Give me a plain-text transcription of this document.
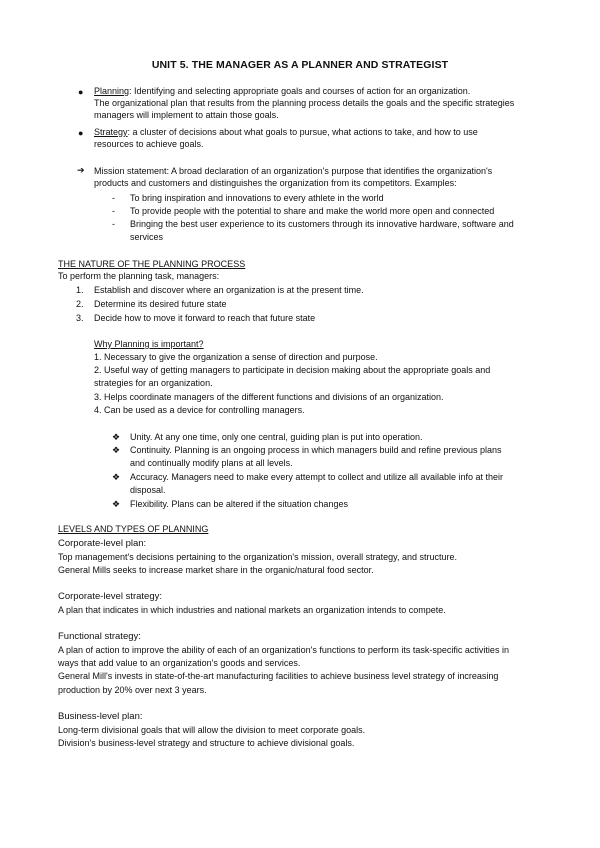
UNIT 5. THE MANAGER AS A PLANNER AND STRATEGIST
● Planning: Identifying and selecting appropriate goals and courses of action for an organization.
The organizational plan that results from the planning process details the goals and the specific strategies
managers will implement to attain those goals.
● Strategy: a cluster of decisions about what goals to pursue, what actions to take, and how to use
resources to achieve goals.
➔ Mission statement: A broad declaration of an organization's purpose that identifies the organization's
products and customers and distinguishes the organization from its competitors. Examples:
- To bring inspiration and innovations to every athlete in the world
- To provide people with the potential to share and make the world more open and connected
- Bringing the best user experience to its customers through its innovative hardware, software and
services
THE NATURE OF THE PLANNING PROCESS
To perform the planning task, managers:
1. Establish and discover where an organization is at the present time.
2. Determine its desired future state
3. Decide how to move it forward to reach that future state
Why Planning is important?
1. Necessary to give the organization a sense of direction and purpose.
2. Useful way of getting managers to participate in decision making about the appropriate goals and
strategies for an organization.
3. Helps coordinate managers of the different functions and divisions of an organization.
4. Can be used as a device for controlling managers.
❖ Unity. At any one time, only one central, guiding plan is put into operation.
❖ Continuity. Planning is an ongoing process in which managers build and refine previous plans
and continually modify plans at all levels.
❖ Accuracy. Managers need to make every attempt to collect and utilize all available info at their
disposal.
❖ Flexibility. Plans can be altered if the situation changes
LEVELS AND TYPES OF PLANNING
Corporate-level plan:
Top management's decisions pertaining to the organization's mission, overall strategy, and structure.
General Mills seeks to increase market share in the organic/natural food sector.
Corporate-level strategy:
A plan that indicates in which industries and national markets an organization intends to compete.
Functional strategy:
A plan of action to improve the ability of each of an organization's functions to perform its task-specific activities in
ways that add value to an organization's goods and services.
General Mill's invests in state-of-the-art manufacturing facilities to achieve business level strategy of increasing
production by 20% over next 3 years.
Business-level plan:
Long-term divisional goals that will allow the division to meet corporate goals.
Division's business-level strategy and structure to achieve divisional goals.
